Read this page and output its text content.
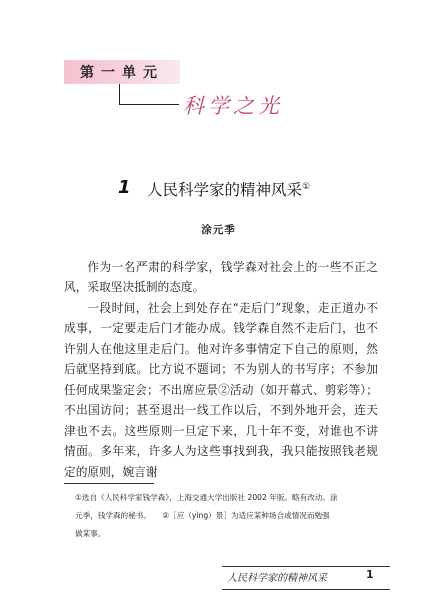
第一单元
科学之光
1 人民科学家的精神风采①
涂元季

作为一名严肃的科学家，钱学森对社会上的一些不正之风，采取坚决抵制的态度。

一段时间，社会上到处存在“走后门”现象，走正道办不成事，一定要走后门才能办成。钱学森自然不走后门，也不许别人在他这里走后门。他对许多事情定下自己的原则，然后就坚持到底。比方说不题词；不为别人的书写序；不参加任何成果鉴定会；不出席应景②活动（如开幕式、剪彩等）；不出国访问；甚至退出一线工作以后，不到外地开会，连天津也不去。这些原则一旦定下来，几十年不变，对谁也不讲情面。多年来，许多人为这些事找到我，我只能按照钱老规定的原则，婉言谢

①选自《人民科学家钱学森》，上海交通大学出版社 2002 年版。略有改动。涂
元季，钱学森的秘书。　　②［应（yìng）景］为适应某种场合或情况而勉强
做某事。
人民科学家的精神风采	1
